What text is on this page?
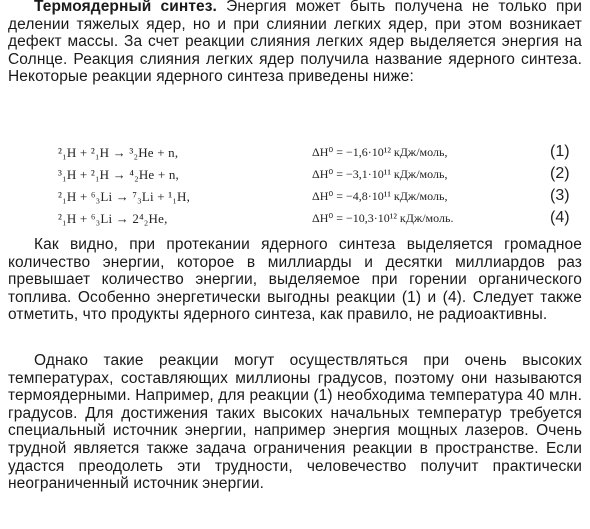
Термоядерный синтез. Энергия может быть получена не только при делении тяжелых ядер, но и при слиянии легких ядер, при этом возникает дефект массы. За счет реакции слияния легких ядер выделяется энергия на Солнце. Реакция слияния легких ядер получила название ядерного синтеза. Некоторые реакции ядерного синтеза приведены ниже:

²₁H + ²₁H → ³₂He + n,	ΔH⁰ = −1,6·10¹² кДж/моль,	(1)
³₁H + ²₁H → ⁴₂He + n,	ΔH⁰ = −3,1·10¹¹ кДж/моль,	(2)
²₁H + ⁶₃Li → ⁷₃Li + ¹₁H,	ΔH⁰ = −4,8·10¹¹ кДж/моль,	(3)
²₁H + ⁶₃Li → 2⁴₂He,	ΔH⁰ = −10,3·10¹² кДж/моль.	(4)

Как видно, при протекании ядерного синтеза выделяется громадное количество энергии, которое в миллиарды и десятки миллиардов раз превышает количество энергии, выделяемое при горении органического топлива. Особенно энергетически выгодны реакции (1) и (4). Следует также отметить, что продукты ядерного синтеза, как правило, не радиоактивны.

Однако такие реакции могут осуществляться при очень высоких температурах, составляющих миллионы градусов, поэтому они называются термоядерными. Например, для реакции (1) необходима температура 40 млн. градусов. Для достижения таких высоких начальных температур требуется специальный источник энергии, например энергия мощных лазеров. Очень трудной является также задача ограничения реакции в пространстве. Если удастся преодолеть эти трудности, человечество получит практически неограниченный источник энергии.
